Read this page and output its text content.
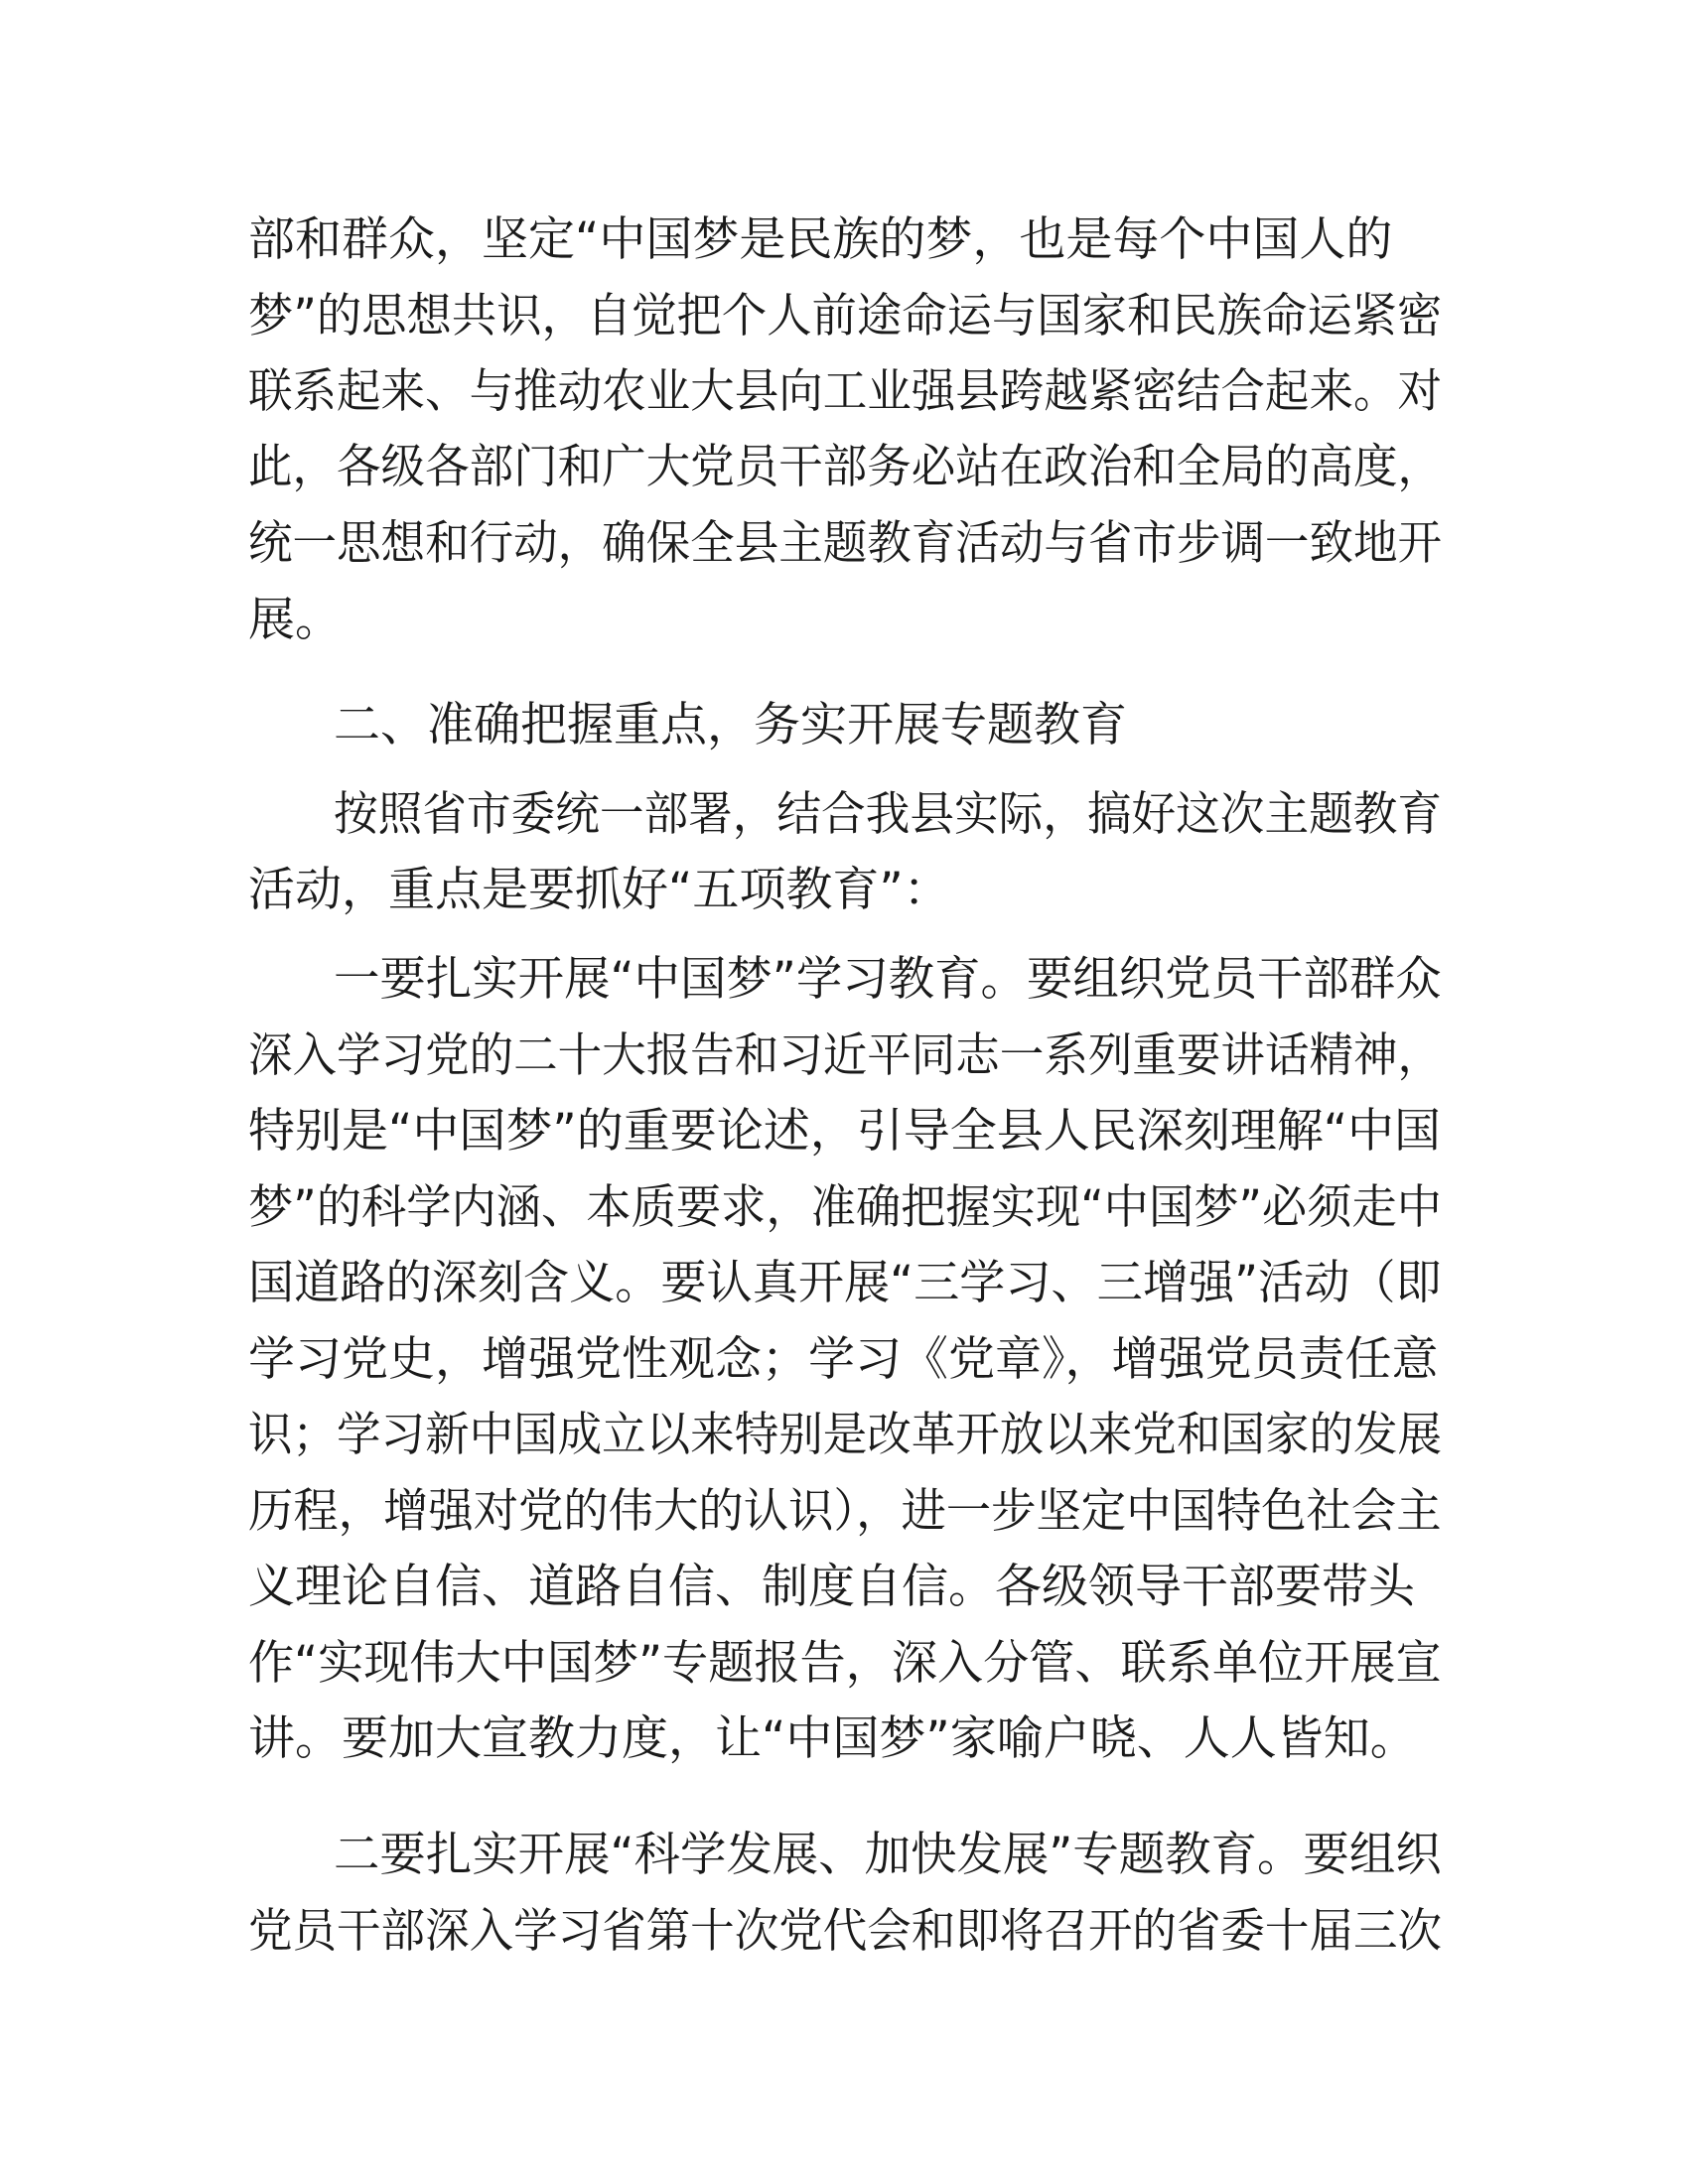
部和群众，坚定“中国梦是民族的梦，也是每个中国人的

梦”的思想共识，自觉把个人前途命运与国家和民族命运紧密

联系起来、与推动农业大县向工业强县跨越紧密结合起来。对

此，各级各部门和广大党员干部务必站在政治和全局的高度，

统一思想和行动，确保全县主题教育活动与省市步调一致地开

展。

二、准确把握重点，务实开展专题教育

按照省市委统一部署，结合我县实际，搞好这次主题教育

活动，重点是要抓好“五项教育”：

一要扎实开展“中国梦”学习教育。要组织党员干部群众

深入学习党的二十大报告和习近平同志一系列重要讲话精神，

特别是“中国梦”的重要论述，引导全县人民深刻理解“中国

梦”的科学内涵、本质要求，准确把握实现“中国梦”必须走中

国道路的深刻含义。要认真开展“三学习、三增强”活动（即

学习党史，增强党性观念；学习《党章》，增强党员责任意

识；学习新中国成立以来特别是改革开放以来党和国家的发展

历程，增强对党的伟大的认识），进一步坚定中国特色社会主

义理论自信、道路自信、制度自信。各级领导干部要带头

作“实现伟大中国梦”专题报告，深入分管、联系单位开展宣

讲。要加大宣教力度，让“中国梦”家喻户晓、人人皆知。

二要扎实开展“科学发展、加快发展”专题教育。要组织

党员干部深入学习省第十次党代会和即将召开的省委十届三次
